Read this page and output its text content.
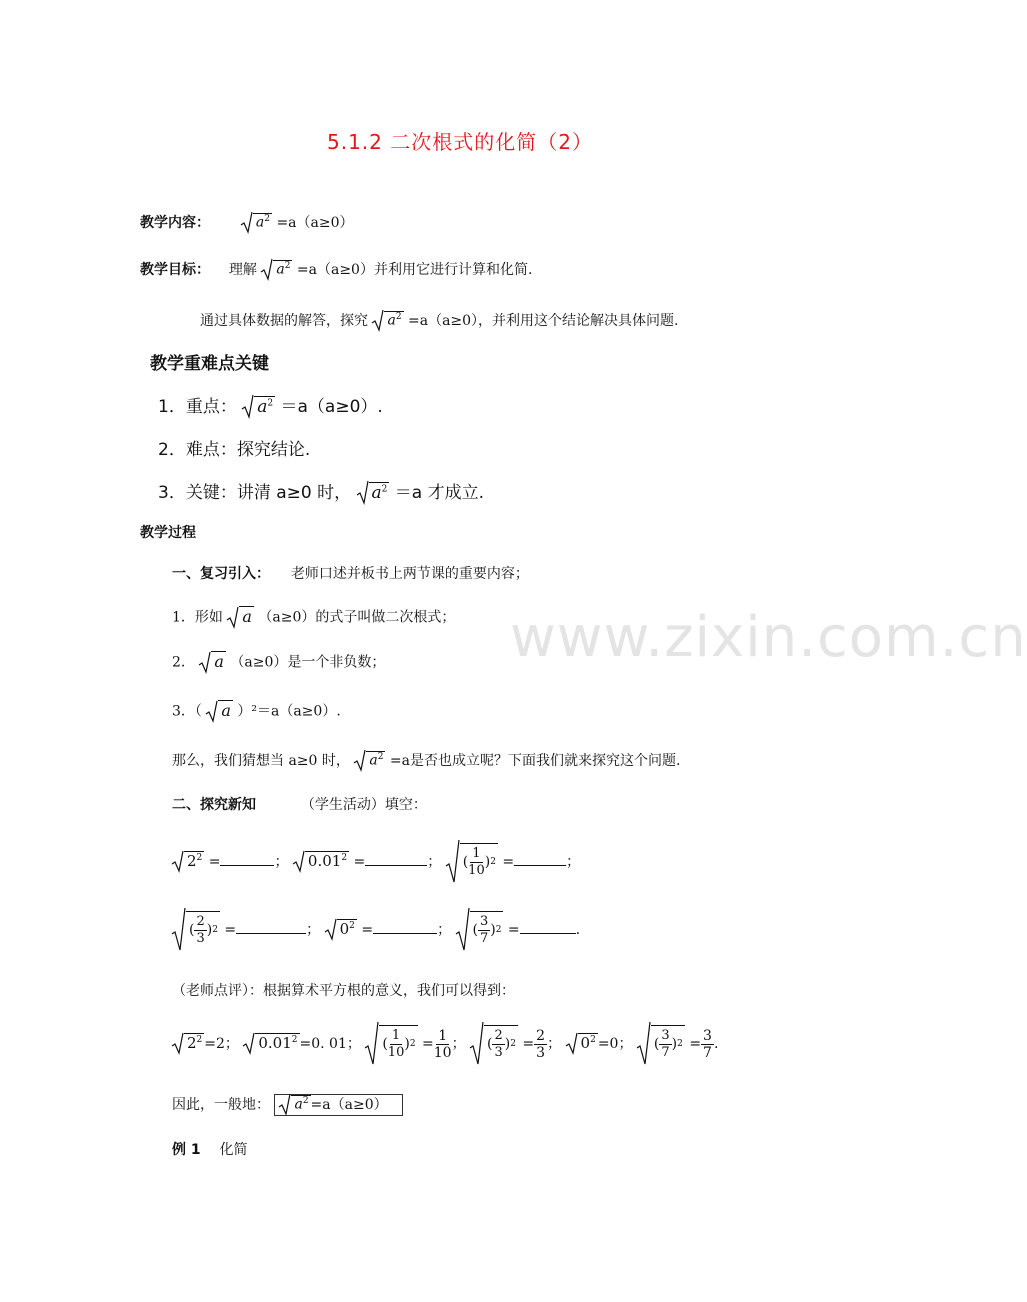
5.1.2 二次根式的化简（2）
教学内容：	$a^2 =a(a\ge 0)$
教学目标： 理解 $a^2 =a(a\ge 0)$并利用它进行计算和化简.
通过具体数据的解答，探究 $a^2 =a(a\ge 0)$，并利用这个结论解决具体问题.
教学重难点关键
1．重点： $a^2 =a(a\ge 0)$.
2．难点：探究结论.
3．关键：讲清 a≥0 时， $a^2 =a$ 才成立.
教学过程
一、复习引入： 老师口述并板书上两节课的重要内容；
www.zixin.com.cn
1．形如 a （a≥0）的式子叫做二次根式；
2． a （a≥0）是一个非负数；
3．（ a ）²＝a（a≥0）.
那么，我们猜想当 a≥0 时， $a^2 =a$是否也成立呢？下面我们就来探究这个问题.
二、探究新知	（学生活动）填空：
$2^2$ =	； $0.01^2$ =	； ( $\frac{1}{10}$ ) 2 =	；
( $\frac{2}{3}$ ) 2 =	； $0^2$ =	； ( $\frac{3}{7}$ ) 2 =	.
（老师点评）：根据算术平方根的意义，我们可以得到：
$2^2 =2$； $0.01^2 =0$. 01； ( $\frac{1}{10}$ ) $2 = \frac{1}{10}$ ； ( $\frac{2}{3}$ ) $2 = \frac{2}{3}$ ； $0^2 =0$； ( $\frac{3}{7}$ ) $2 = \frac{3}{7}$ .
因此，一般地： $a^2 =a(a\ge 0)$
例 1 化简
